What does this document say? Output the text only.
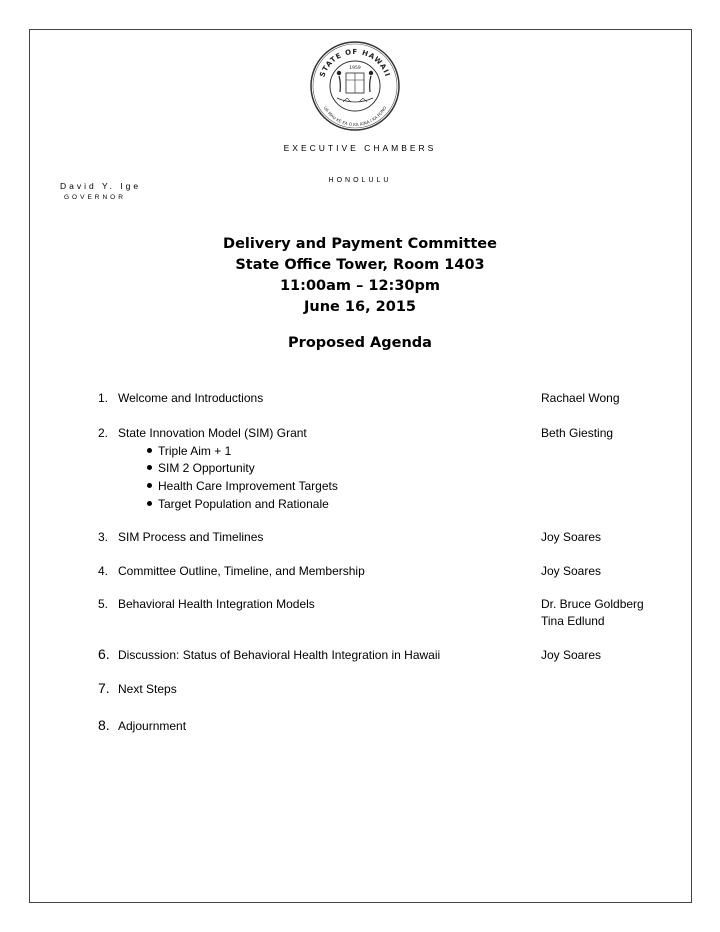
STATE OF HAWAII
UA MAU KE EA O KA AINA I KA PONO
1959
EXECUTIVE CHAMBERS
HONOLULU
David Y. Ige
GOVERNOR
Delivery and Payment Committee
State Office Tower, Room 1403
11:00am – 12:30pm
June 16, 2015
Proposed Agenda
1. Welcome and Introductions	Rachael Wong
2. State Innovation Model (SIM) Grant	Beth Giesting
Triple Aim + 1
SIM 2 Opportunity
Health Care Improvement Targets
Target Population and Rationale
3. SIM Process and Timelines	Joy Soares
4. Committee Outline, Timeline, and Membership	Joy Soares
5. Behavioral Health Integration Models	Dr. Bruce Goldberg
Tina Edlund
6. Discussion: Status of Behavioral Health Integration in Hawaii	Joy Soares
7. Next Steps
8. Adjournment
